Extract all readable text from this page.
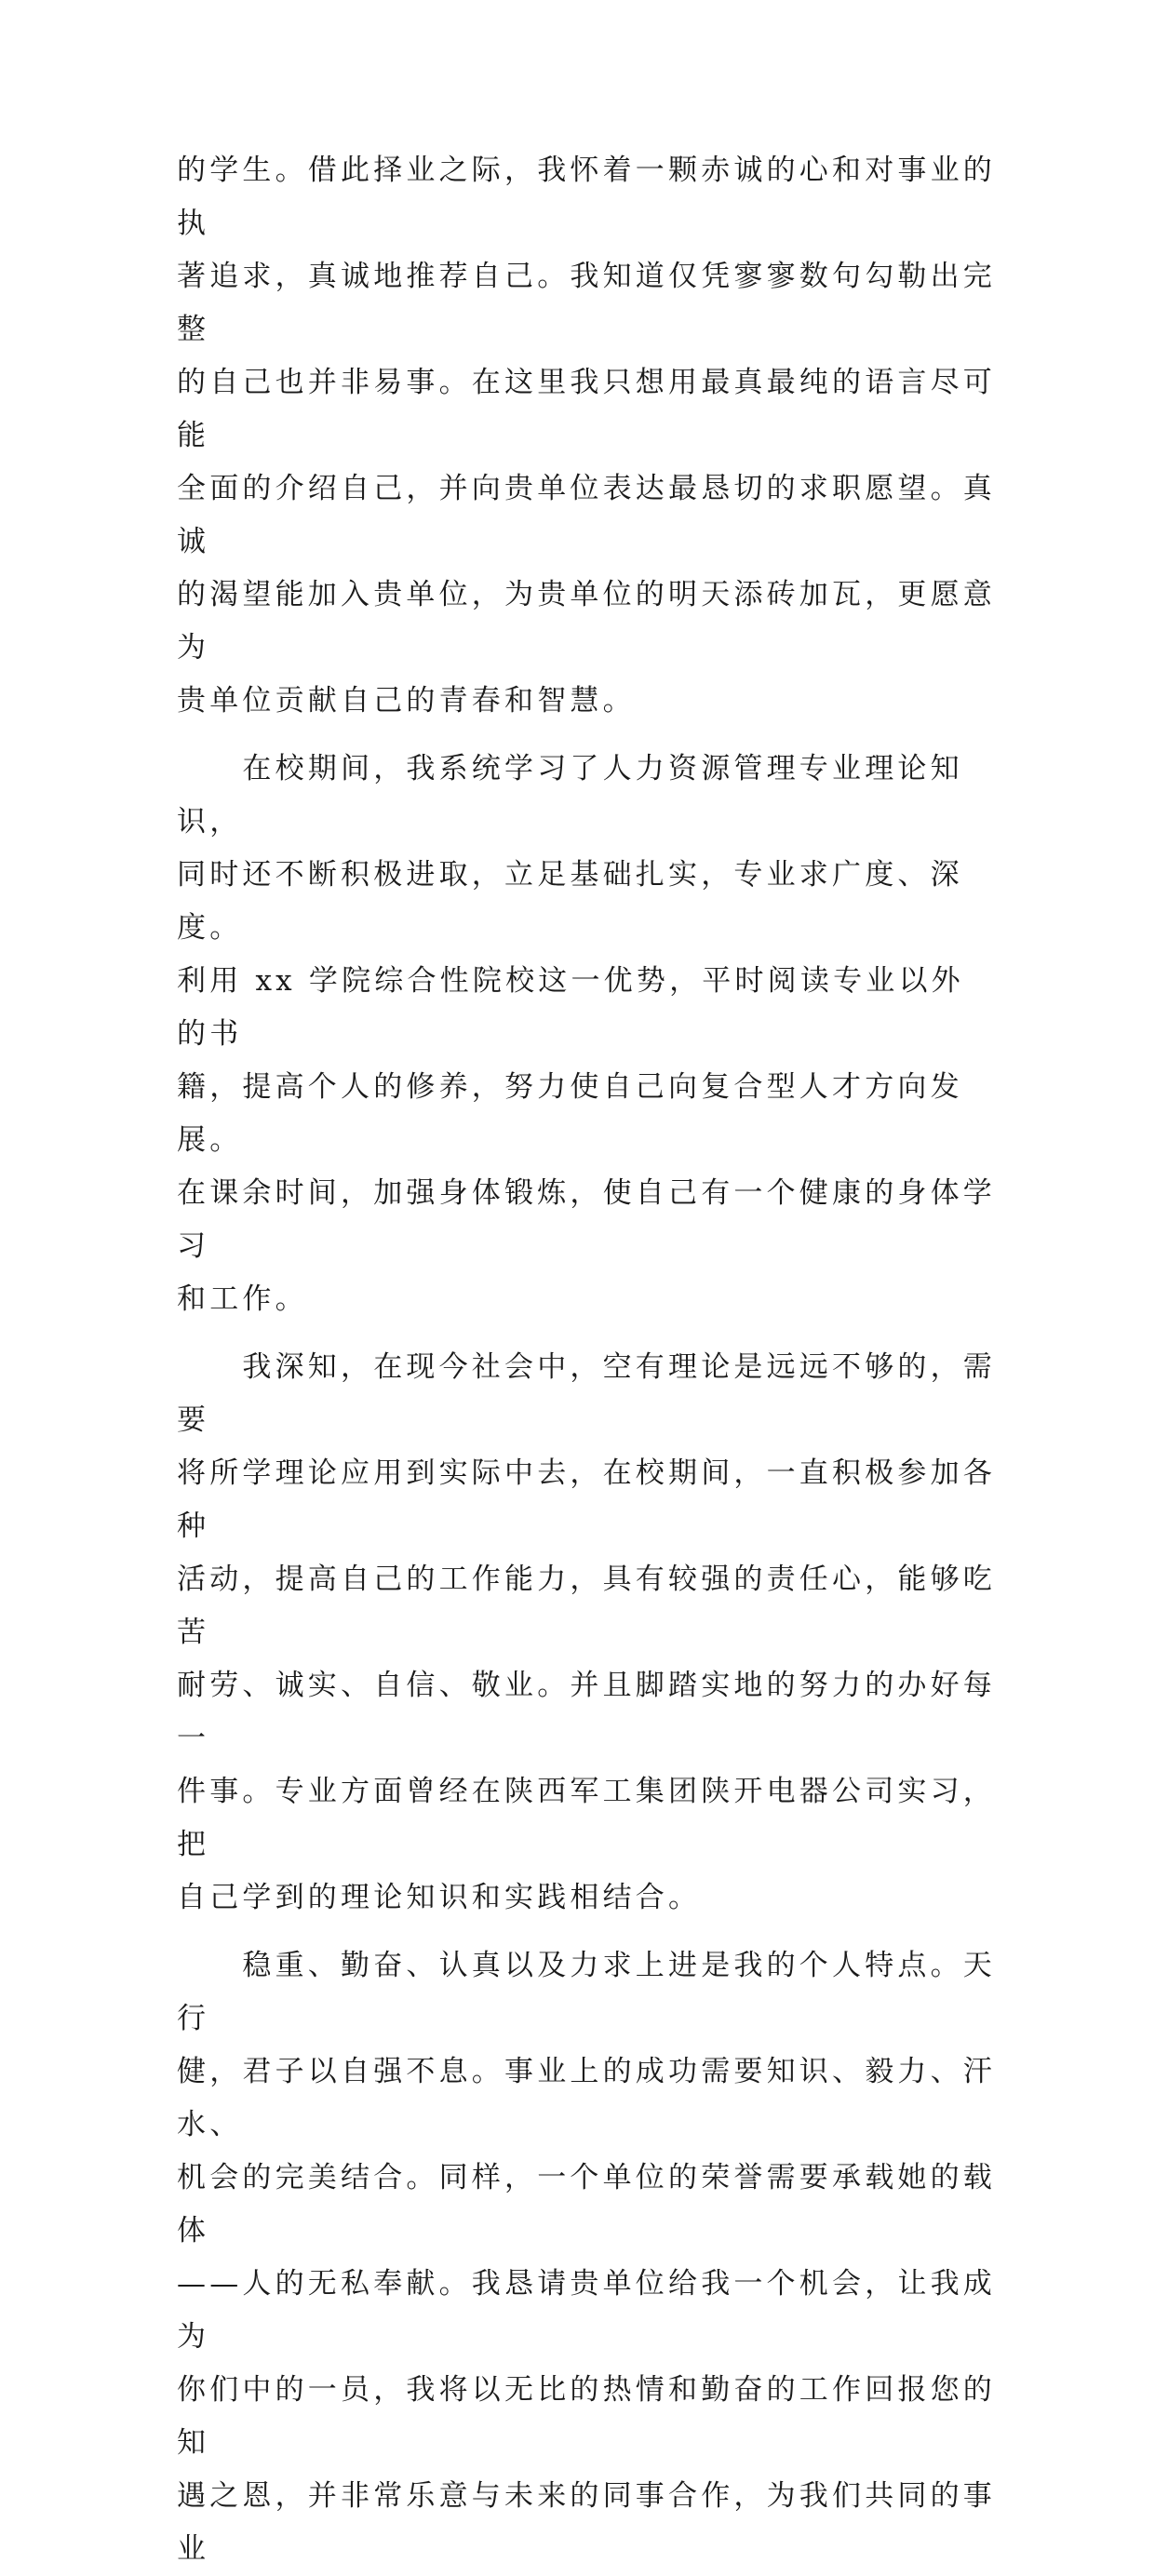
的学生。借此择业之际，我怀着一颗赤诚的心和对事业的执
著追求，真诚地推荐自己。我知道仅凭寥寥数句勾勒出完整
的自己也并非易事。在这里我只想用最真最纯的语言尽可能
全面的介绍自己，并向贵单位表达最恳切的求职愿望。真诚
的渴望能加入贵单位，为贵单位的明天添砖加瓦，更愿意为
贵单位贡献自己的青春和智慧。

　　在校期间，我系统学习了人力资源管理专业理论知识，
同时还不断积极进取，立足基础扎实，专业求广度、深度。
利用 xx 学院综合性院校这一优势，平时阅读专业以外的书
籍，提高个人的修养，努力使自己向复合型人才方向发展。
在课余时间，加强身体锻炼，使自己有一个健康的身体学习
和工作。

　　我深知，在现今社会中，空有理论是远远不够的，需要
将所学理论应用到实际中去，在校期间，一直积极参加各种
活动，提高自己的工作能力，具有较强的责任心，能够吃苦
耐劳、诚实、自信、敬业。并且脚踏实地的努力的办好每一
件事。专业方面曾经在陕西军工集团陕开电器公司实习，把
自己学到的理论知识和实践相结合。

　　稳重、勤奋、认真以及力求上进是我的个人特点。天行
健，君子以自强不息。事业上的成功需要知识、毅力、汗水、
机会的完美结合。同样，一个单位的荣誉需要承载她的载体
——人的无私奉献。我恳请贵单位给我一个机会，让我成为
你们中的一员，我将以无比的热情和勤奋的工作回报您的知
遇之恩，并非常乐意与未来的同事合作，为我们共同的事业
